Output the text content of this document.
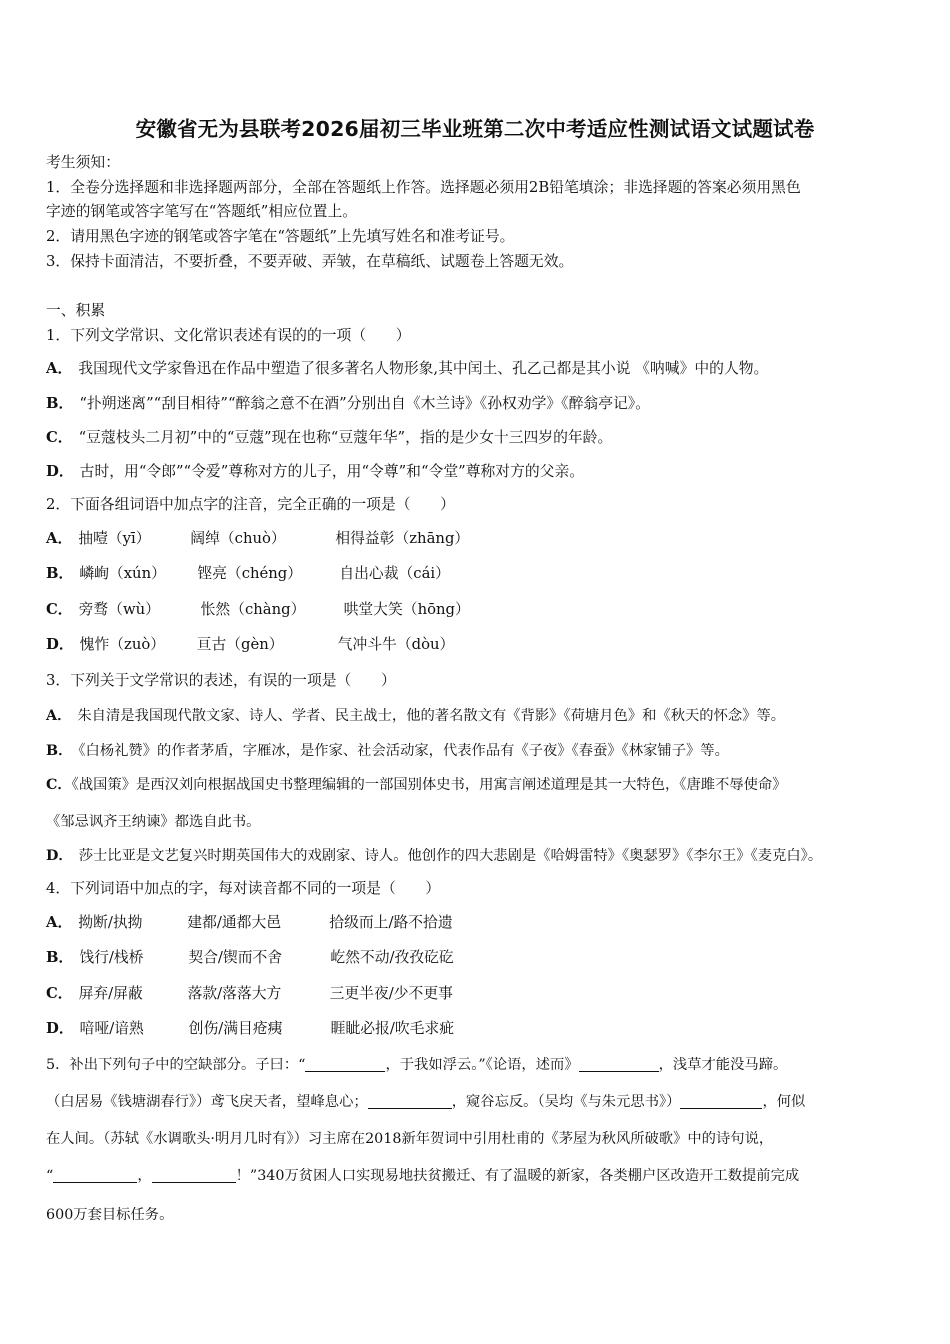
安徽省无为县联考2026届初三毕业班第二次中考适应性测试语文试题试卷
考生须知：
1．全卷分选择题和非选择题两部分，全部在答题纸上作答。选择题必须用2B铅笔填涂；非选择题的答案必须用黑色
字迹的钢笔或答字笔写在“答题纸”相应位置上。
2．请用黑色字迹的钢笔或答字笔在“答题纸”上先填写姓名和准考证号。
3．保持卡面清洁，不要折叠，不要弄破、弄皱，在草稿纸、试题卷上答题无效。
一、积累
1．下列文学常识、文化常识表述有误的的一项（　　）
A． 我国现代文学家鲁迅在作品中塑造了很多著名人物形象,其中闰土、孔乙己都是其小说 《呐喊》中的人物。
B． “扑朔迷离”“刮目相待”“醉翁之意不在酒”分别出自《木兰诗》《孙权劝学》《醉翁亭记》。
C． “豆蔻枝头二月初”中的“豆蔻”现在也称“豆蔻年华”，指的是少女十三四岁的年龄。
D． 古时，用“令郎”“令爱”尊称对方的儿子，用“令尊”和“令堂”尊称对方的父亲。
2．下面各组词语中加点字的注音，完全正确的一项是（　　）
A． 抽噎（yī）	阔绰（chuò）	相得益彰（zhāng）
B． 嶙峋（xún） 铿亮（chéng）	自出心裁（cái）
C． 旁骛（wù）	怅然（chàng）	哄堂大笑（hōng）
D． 愧怍（zuò） 亘古（gèn）	气冲斗牛（dòu）
3．下列关于文学常识的表述，有误的一项是（　　）
A． 朱自清是我国现代散文家、诗人、学者、民主战士，他的著名散文有《背影》《荷塘月色》和《秋天的怀念》等。
B． 《白杨礼赞》的作者茅盾，字雁冰，是作家、社会活动家，代表作品有《子夜》《春蚕》《林家铺子》等。
C．《战国策》是西汉刘向根据战国史书整理编辑的一部国别体史书，用寓言阐述道理是其一大特色，《唐雎不辱使命》
《邹忌讽齐王纳谏》都选自此书。
D． 莎士比亚是文艺复兴时期英国伟大的戏剧家、诗人。他创作的四大悲剧是《哈姆雷特》《奥瑟罗》《李尔王》《麦克白》。
4．下列词语中加点的字，每对读音都不同的一项是（　　）
A． 拗断/执拗	建都/通都大邑	拾级而上/路不拾遗
B． 饯行/栈桥	契合/锲而不舍	屹然不动/孜孜矻矻
C． 屏弃/屏蔽	落款/落落大方	三更半夜/少不更事
D． 喑哑/谙熟	创伤/满目疮痍	睚眦必报/吹毛求疵
5．补出下列句子中的空缺部分。子曰：“	，于我如浮云。”《论语，述而》	，浅草才能没马蹄。
（白居易《钱塘湖春行》）鸢飞戾天者，望峰息心；	，窥谷忘反。（吴均《与朱元思书》）	，何似
在人间。（苏轼《水调歌头·明月几时有》）习主席在2018新年贺词中引用杜甫的《茅屋为秋风所破歌》中的诗句说，
“	，	！”340万贫困人口实现易地扶贫搬迁、有了温暖的新家，各类棚户区改造开工数提前完成
600万套目标任务。
